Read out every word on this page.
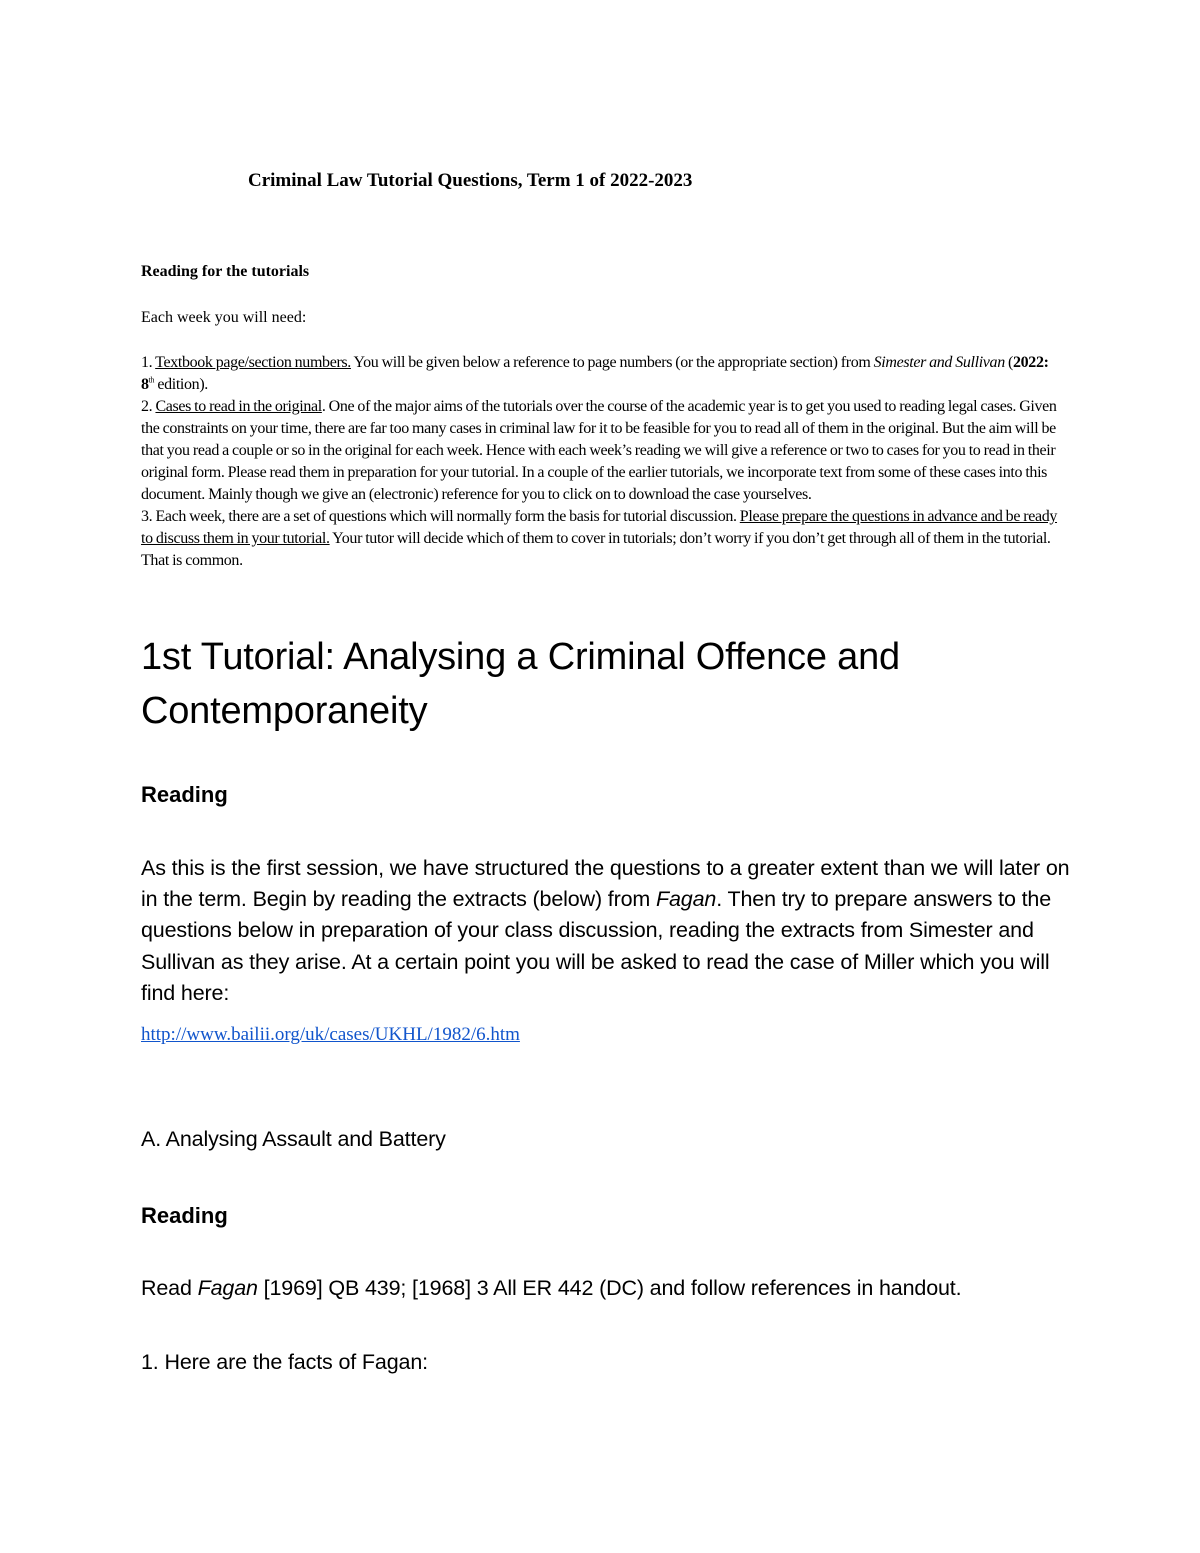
Criminal Law Tutorial Questions, Term 1 of 2022-2023
Reading for the tutorials

Each week you will need:

1. Textbook page/section numbers. You will be given below a reference to page numbers (or the appropriate section) from Simester and Sullivan (2022: 8th edition).

2. Cases to read in the original. One of the major aims of the tutorials over the course of the academic year is to get you used to reading legal cases. Given the constraints on your time, there are far too many cases in criminal law for it to be feasible for you to read all of them in the original. But the aim will be that you read a couple or so in the original for each week. Hence with each week’s reading we will give a reference or two to cases for you to read in their original form. Please read them in preparation for your tutorial. In a couple of the earlier tutorials, we incorporate text from some of these cases into this document. Mainly though we give an (electronic) reference for you to click on to download the case yourselves.

3. Each week, there are a set of questions which will normally form the basis for tutorial discussion. Please prepare the questions in advance and be ready to discuss them in your tutorial. Your tutor will decide which of them to cover in tutorials; don’t worry if you don’t get through all of them in the tutorial. That is common.

1st Tutorial: Analysing a Criminal Offence and Contemporaneity
Reading

As this is the first session, we have structured the questions to a greater extent than we will later on in the term. Begin by reading the extracts (below) from Fagan. Then try to prepare answers to the questions below in preparation of your class discussion, reading the extracts from Simester and Sullivan as they arise. At a certain point you will be asked to read the case of Miller which you will find here:

http://www.bailii.org/uk/cases/UKHL/1982/6.htm

A. Analysing Assault and Battery

Reading

Read Fagan [1969] QB 439; [1968] 3 All ER 442 (DC) and follow references in handout.

1. Here are the facts of Fagan:
